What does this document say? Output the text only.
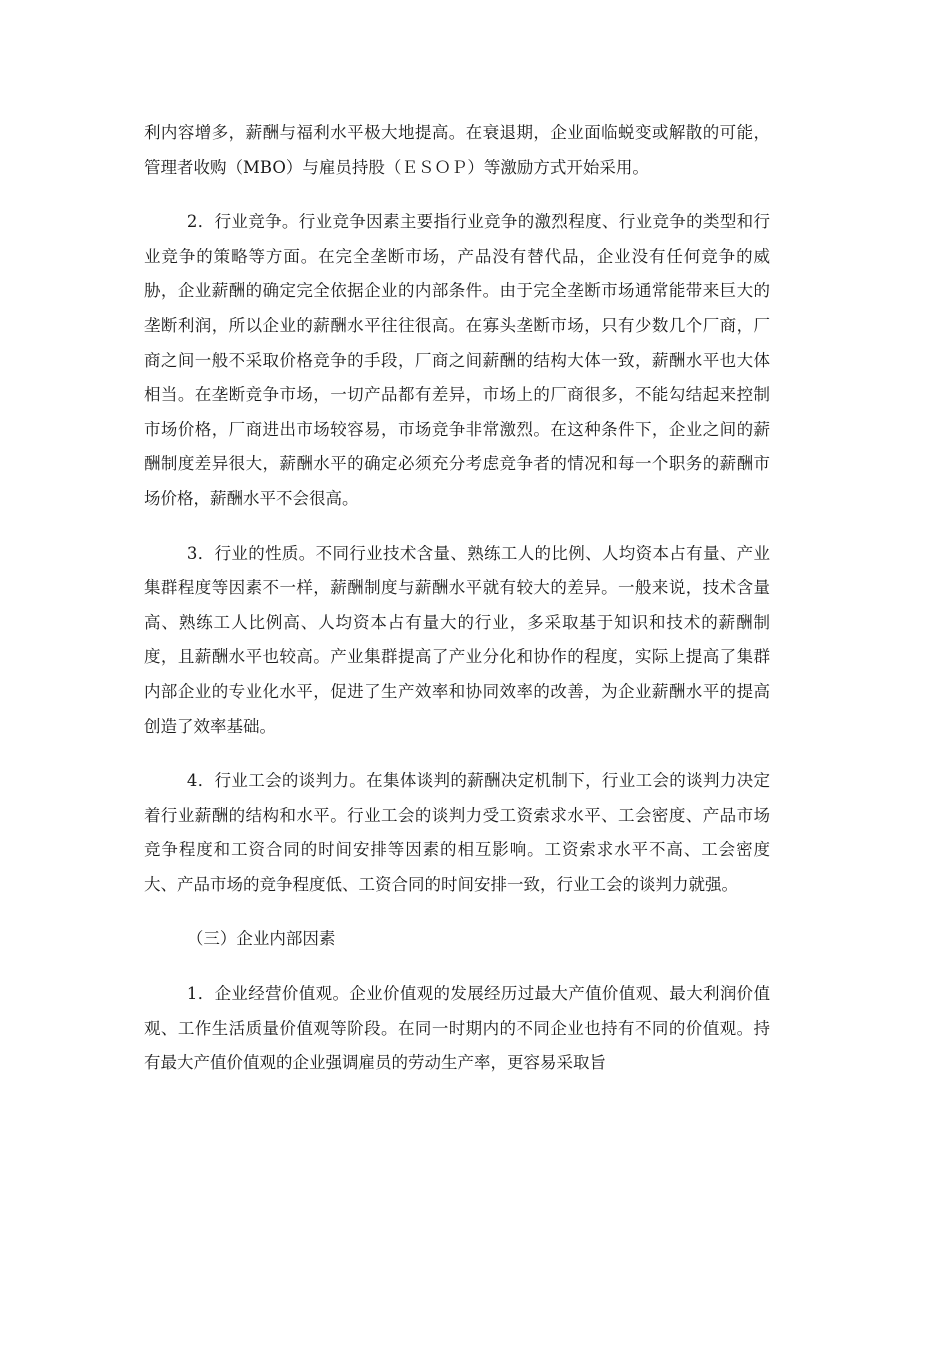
利内容增多，薪酬与福利水平极大地提高。在衰退期，企业面临蜕变或解散的可能，管理者收购（MBO）与雇员持股（ＥＳＯＰ）等激励方式开始采用。

2．行业竞争。行业竞争因素主要指行业竞争的激烈程度、行业竞争的类型和行业竞争的策略等方面。在完全垄断市场，产品没有替代品，企业没有任何竞争的威胁，企业薪酬的确定完全依据企业的内部条件。由于完全垄断市场通常能带来巨大的垄断利润，所以企业的薪酬水平往往很高。在寡头垄断市场，只有少数几个厂商，厂商之间一般不采取价格竞争的手段，厂商之间薪酬的结构大体一致，薪酬水平也大体相当。在垄断竞争市场，一切产品都有差异，市场上的厂商很多，不能勾结起来控制市场价格，厂商进出市场较容易，市场竞争非常激烈。在这种条件下，企业之间的薪酬制度差异很大，薪酬水平的确定必须充分考虑竞争者的情况和每一个职务的薪酬市场价格，薪酬水平不会很高。

3．行业的性质。不同行业技术含量、熟练工人的比例、人均资本占有量、产业集群程度等因素不一样，薪酬制度与薪酬水平就有较大的差异。一般来说，技术含量高、熟练工人比例高、人均资本占有量大的行业，多采取基于知识和技术的薪酬制度，且薪酬水平也较高。产业集群提高了产业分化和协作的程度，实际上提高了集群内部企业的专业化水平，促进了生产效率和协同效率的改善，为企业薪酬水平的提高创造了效率基础。

4．行业工会的谈判力。在集体谈判的薪酬决定机制下，行业工会的谈判力决定着行业薪酬的结构和水平。行业工会的谈判力受工资索求水平、工会密度、产品市场竞争程度和工资合同的时间安排等因素的相互影响。工资索求水平不高、工会密度大、产品市场的竞争程度低、工资合同的时间安排一致，行业工会的谈判力就强。

（三）企业内部因素

1．企业经营价值观。企业价值观的发展经历过最大产值价值观、最大利润价值观、工作生活质量价值观等阶段。在同一时期内的不同企业也持有不同的价值观。持有最大产值价值观的企业强调雇员的劳动生产率，更容易采取旨
